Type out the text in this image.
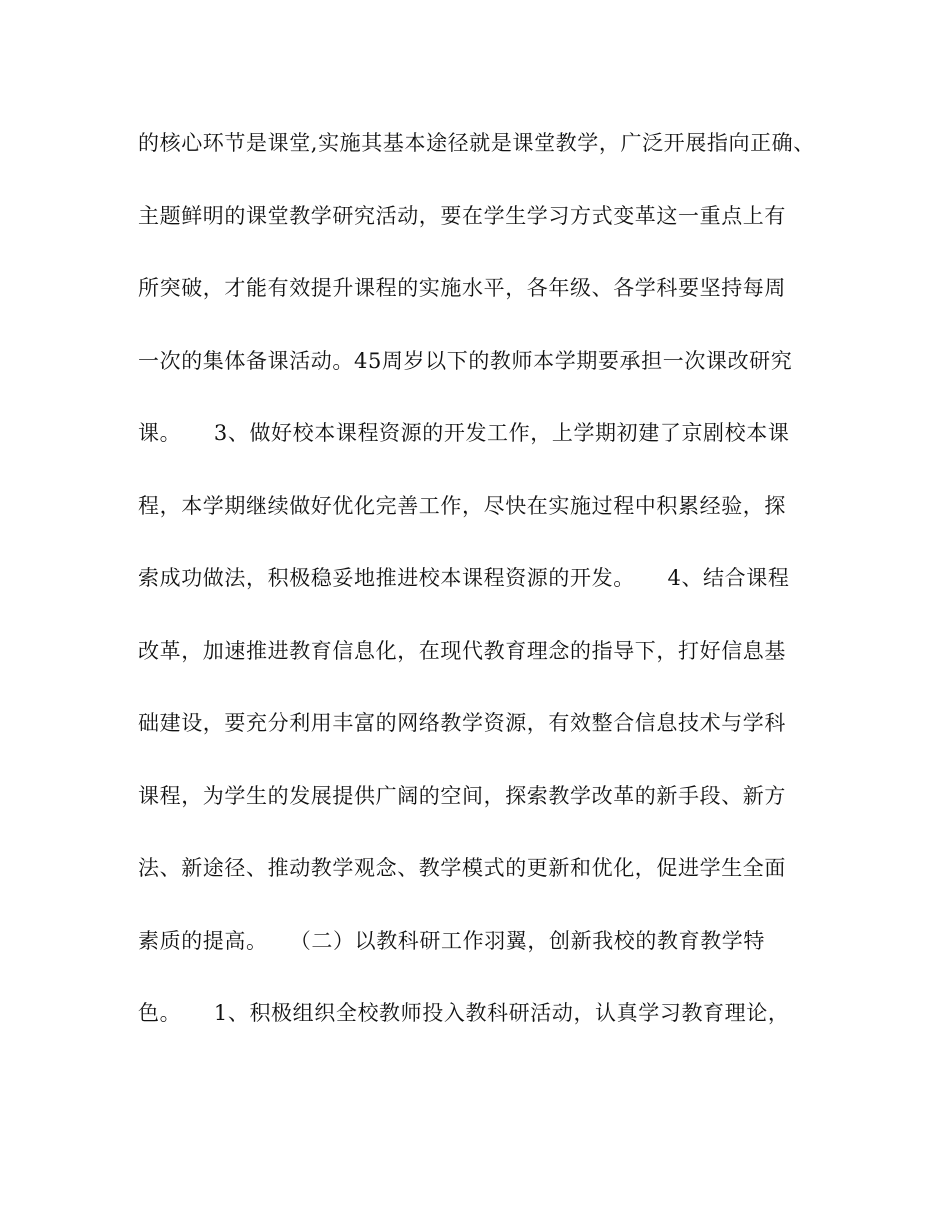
的核心环节是课堂,实施其基本途径就是课堂教学，广泛开展指向正确、
主题鲜明的课堂教学研究活动，要在学生学习方式变革这一重点上有
所突破，才能有效提升课程的实施水平，各年级、各学科要坚持每周
一次的集体备课活动。45周岁以下的教师本学期要承担一次课改研究
课。　　3、做好校本课程资源的开发工作，上学期初建了京剧校本课
程，本学期继续做好优化完善工作，尽快在实施过程中积累经验，探
索成功做法，积极稳妥地推进校本课程资源的开发。　　4、结合课程
改革，加速推进教育信息化，在现代教育理念的指导下，打好信息基
础建设，要充分利用丰富的网络教学资源，有效整合信息技术与学科
课程，为学生的发展提供广阔的空间，探索教学改革的新手段、新方
法、新途径、推动教学观念、教学模式的更新和优化，促进学生全面
素质的提高。　　（二）以教科研工作羽翼，创新我校的教育教学特
色。　　1、积极组织全校教师投入教科研活动，认真学习教育理论，
